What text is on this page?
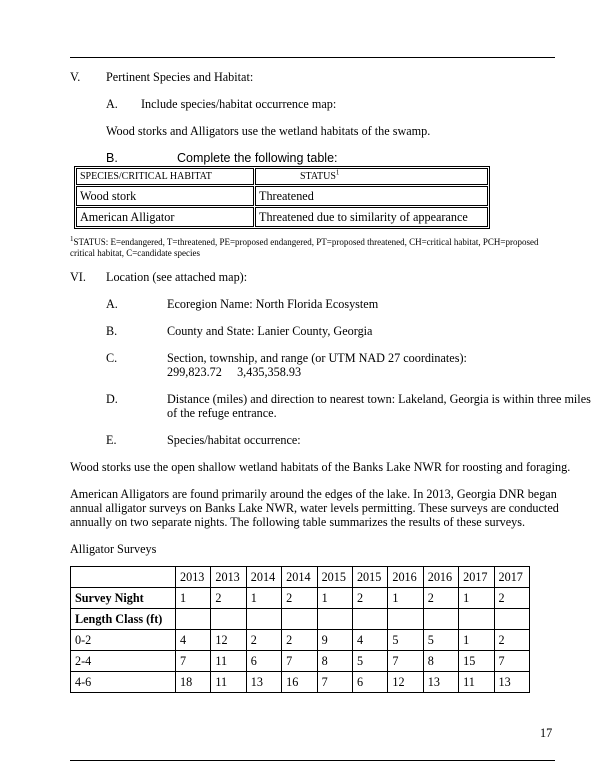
V. Pertinent Species and Habitat:
A. Include species/habitat occurrence map:
Wood storks and Alligators use the wetland habitats of the swamp.
B.	Complete the following table:
SPECIES/CRITICAL HABITAT	STATUS$^1$
Wood stork	Threatened
American Alligator	Threatened due to similarity of appearance
$^1$STATUS: E=endangered, T=threatened, PE=proposed endangered, PT=proposed threatened, CH=critical habitat, PCH=proposed
critical habitat, C=candidate species
VI. Location (see attached map):
A.	Ecoregion Name: North Florida Ecosystem
B.	County and State: Lanier County, Georgia
C.	Section, township, and range (or UTM NAD 27 coordinates):
299,823.72     3,435,358.93
D.	Distance (miles) and direction to nearest town: Lakeland, Georgia is within three miles
of the refuge entrance.
E.	Species/habitat occurrence:
Wood storks use the open shallow wetland habitats of the Banks Lake NWR for roosting and foraging.
American Alligators are found primarily around the edges of the lake. In 2013, Georgia DNR began
annual alligator surveys on Banks Lake NWR, water levels permitting. These surveys are conducted
annually on two separate nights. The following table summarizes the results of these surveys.
Alligator Surveys
	2013	2013	2014	2014	2015	2015	2016	2016	2017	2017
Survey Night	1	2	1	2	1	2	1	2	1	2
Length Class (ft)										
0-2	4	12	2	2	9	4	5	5	1	2
2-4	7	11	6	7	8	5	7	8	15	7
4-6	18	11	13	16	7	6	12	13	11	13
17
